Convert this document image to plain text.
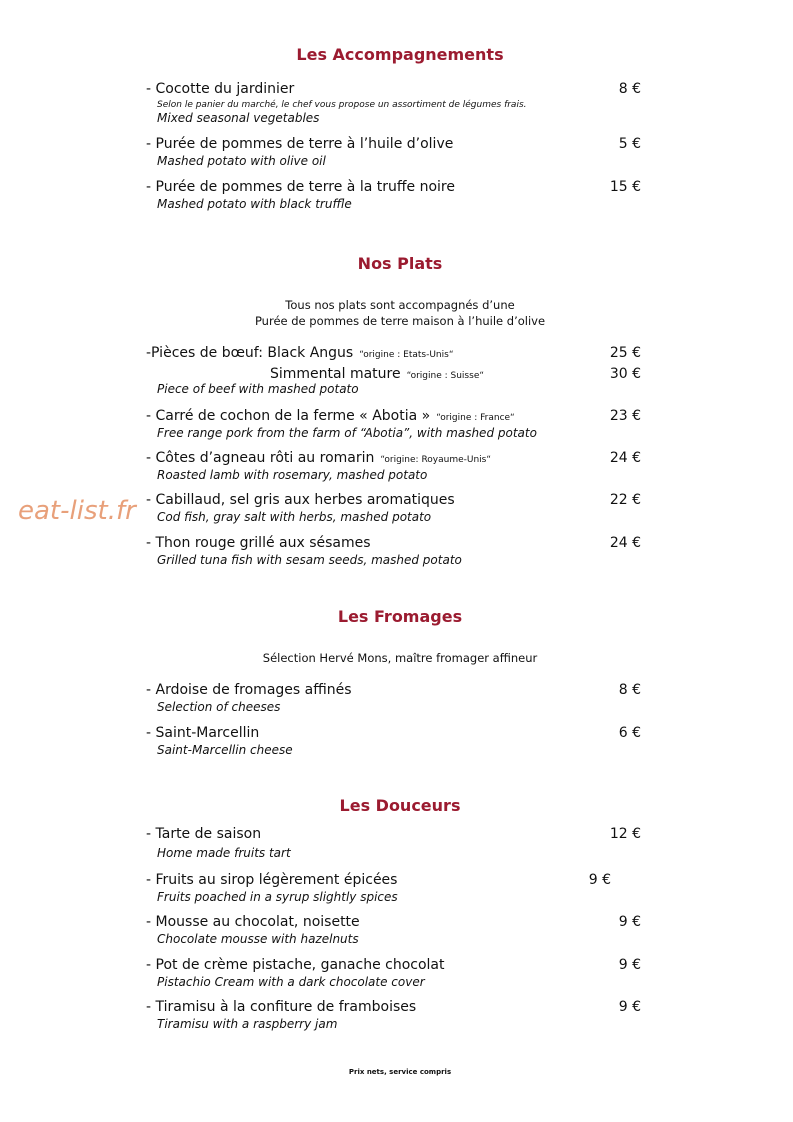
Les Accompagnements
- Cocotte du jardinier	8 €
Selon le panier du marché, le chef vous propose un assortiment de légumes frais.
Mixed seasonal vegetables
- Purée de pommes de terre à l’huile d’olive	5 €
Mashed potato with olive oil
- Purée de pommes de terre à la truffe noire	15 €
Mashed potato with black truffle
Nos Plats
Tous nos plats sont accompagnés d’une
Purée de pommes de terre maison à l’huile d’olive
-Pièces de bœuf: Black Angus “origine : Etats-Unis“	25 €
Simmental mature “origine : Suisse“	30 €
Piece of beef with mashed potato
- Carré de cochon de la ferme « Abotia » “origine : France“	23 €
Free range pork from the farm of “Abotia”, with mashed potato
- Côtes d’agneau rôti au romarin “origine: Royaume-Unis“	24 €
Roasted lamb with rosemary, mashed potato
- Cabillaud, sel gris aux herbes aromatiques	22 €
Cod fish, gray salt with herbs, mashed potato
- Thon rouge grillé aux sésames	24 €
Grilled tuna fish with sesam seeds, mashed potato
Les Fromages
Sélection Hervé Mons, maître fromager affineur
- Ardoise de fromages affinés	8 €
Selection of cheeses
- Saint-Marcellin	6 €
Saint-Marcellin cheese
Les Douceurs
- Tarte de saison	12 €
Home made fruits tart
- Fruits au sirop légèrement épicées	9 €
Fruits poached in a syrup slightly spices
- Mousse au chocolat, noisette	9 €
Chocolate mousse with hazelnuts
- Pot de crème pistache, ganache chocolat	9 €
Pistachio Cream with a dark chocolate cover
- Tiramisu à la confiture de framboises	9 €
Tiramisu with a raspberry jam
eat-list.fr
Prix nets, service compris
